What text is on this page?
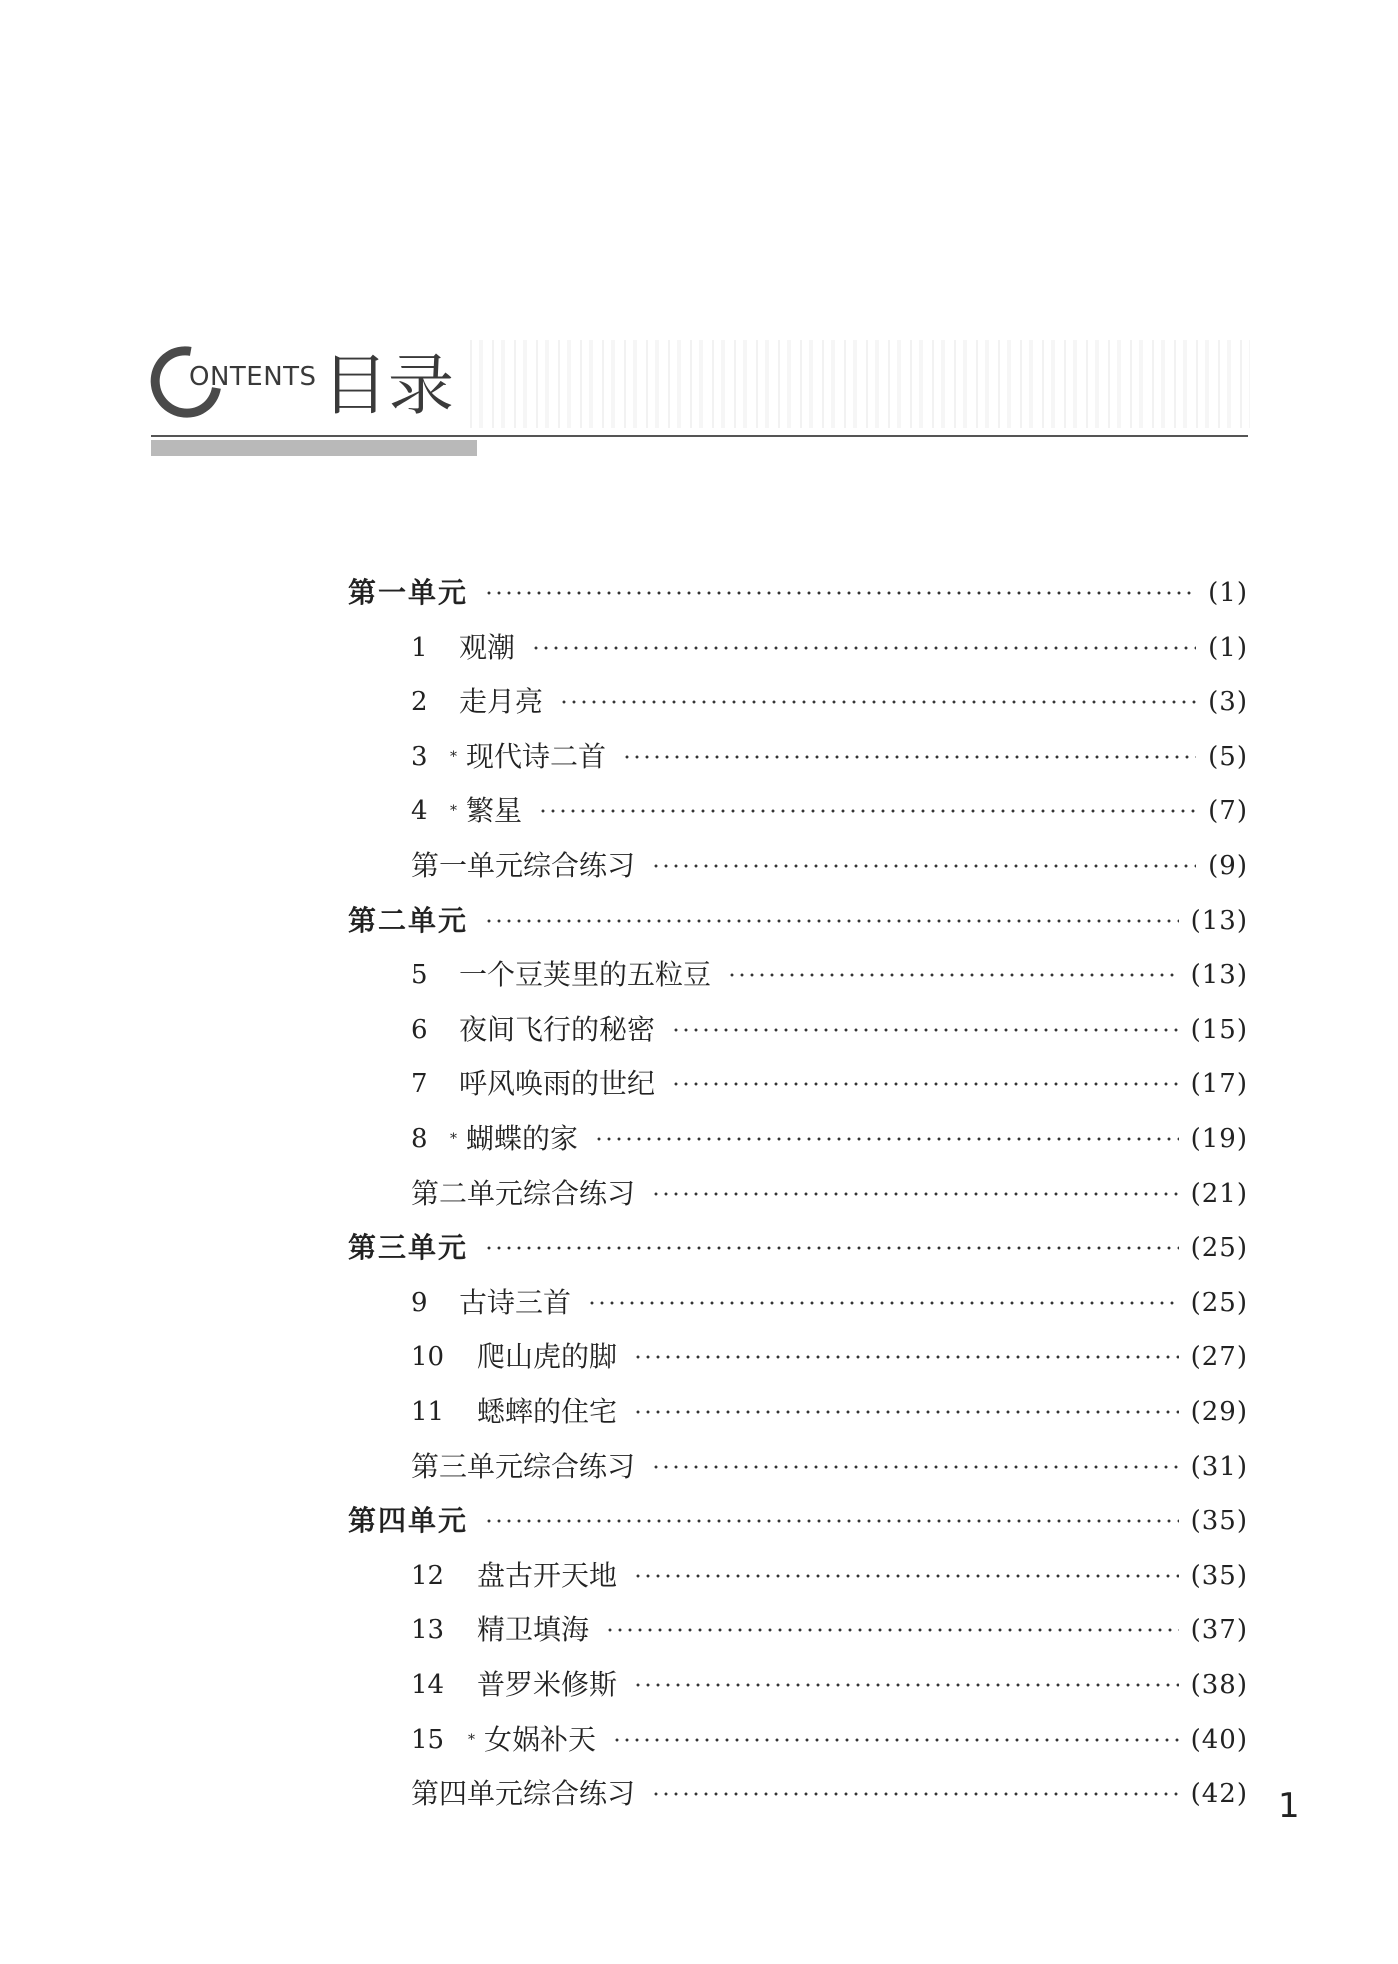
ONTENTS 目录
第一单元	(1)
1	观潮	(1)
2	走月亮	(3)
3	* 现代诗二首	(5)
4	* 繁星	(7)
第一单元综合练习	(9)
第二单元	(13)
5	一个豆荚里的五粒豆	(13)
6	夜间飞行的秘密	(15)
7	呼风唤雨的世纪	(17)
8	* 蝴蝶的家	(19)
第二单元综合练习	(21)
第三单元	(25)
9	古诗三首	(25)
10	爬山虎的脚	(27)
11	蟋蟀的住宅	(29)
第三单元综合练习	(31)
第四单元	(35)
12	盘古开天地	(35)
13	精卫填海	(37)
14	普罗米修斯	(38)
15	* 女娲补天	(40)
第四单元综合练习	(42) 1
